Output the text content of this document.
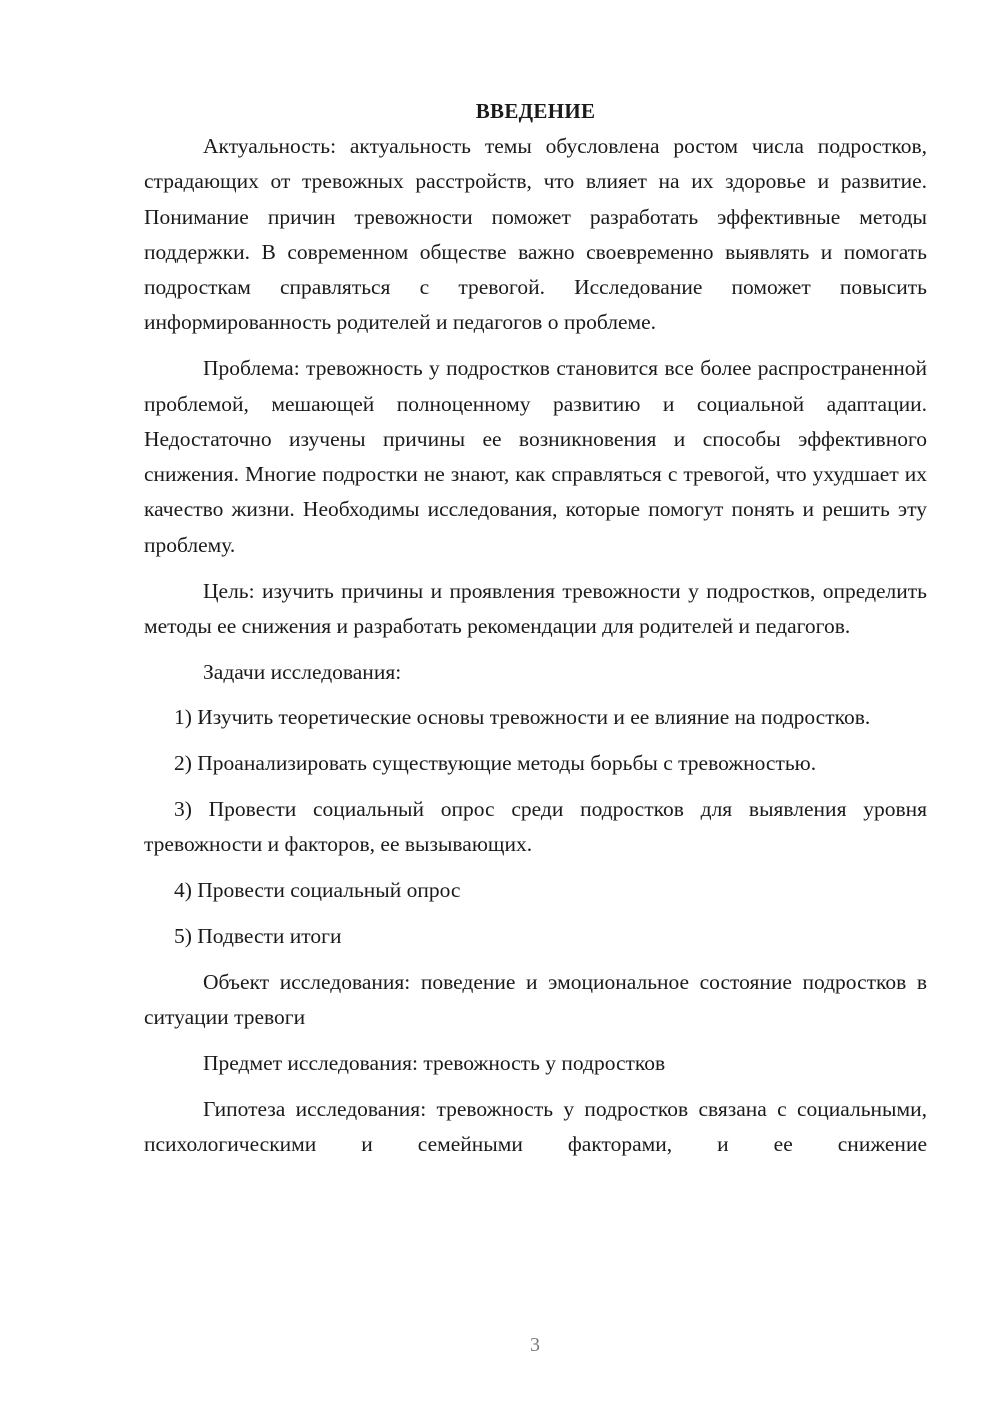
ВВЕДЕНИЕ

Актуальность: актуальность темы обусловлена ростом числа подростков, страдающих от тревожных расстройств, что влияет на их здоровье и развитие. Понимание причин тревожности поможет разработать эффективные методы поддержки. В современном обществе важно своевременно выявлять и помогать подросткам справляться с тревогой. Исследование поможет повысить информированность родителей и педагогов о проблеме.

Проблема: тревожность у подростков становится все более распространенной проблемой, мешающей полноценному развитию и социальной адаптации. Недостаточно изучены причины ее возникновения и способы эффективного снижения. Многие подростки не знают, как справляться с тревогой, что ухудшает их качество жизни. Необходимы исследования, которые помогут понять и решить эту проблему.

Цель: изучить причины и проявления тревожности у подростков, определить методы ее снижения и разработать рекомендации для родителей и педагогов.

Задачи исследования:

1) Изучить теоретические основы тревожности и ее влияние на подростков.

2) Проанализировать существующие методы борьбы с тревожностью.

3) Провести социальный опрос среди подростков для выявления уровня тревожности и факторов, ее вызывающих.

4) Провести социальный опрос

5) Подвести итоги

Объект исследования: поведение и эмоциональное состояние подростков в ситуации тревоги

Предмет исследования: тревожность у подростков

Гипотеза исследования: тревожность у подростков связана с социальными, психологическими и семейными факторами, и ее снижение

3
